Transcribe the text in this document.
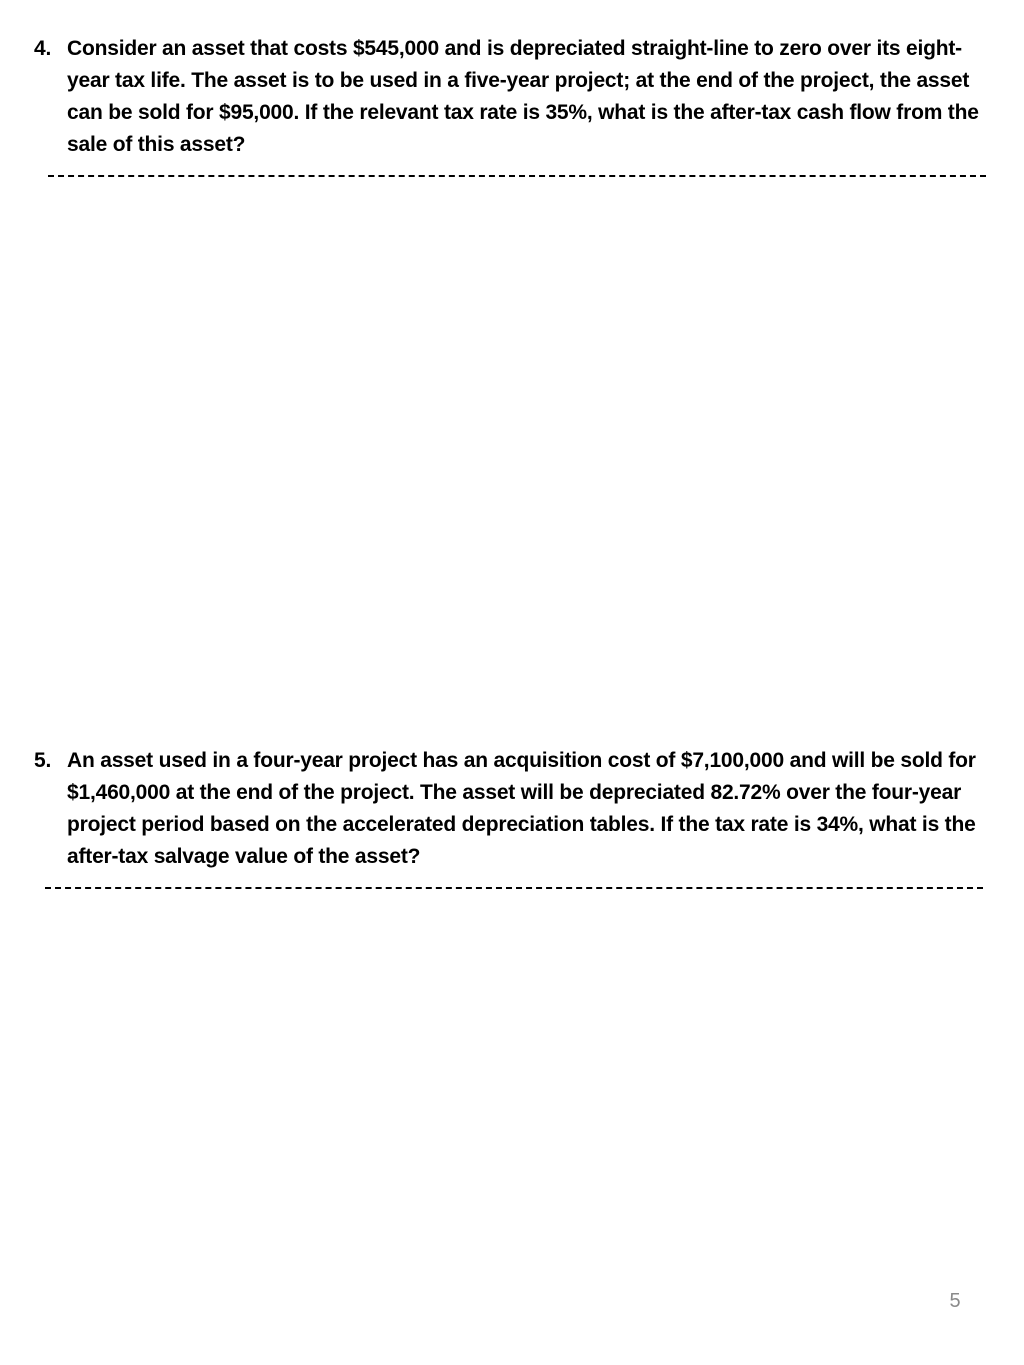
4. Consider an asset that costs $545,000 and is depreciated straight-line to zero over its eight-year tax life. The asset is to be used in a five-year project; at the end of the project, the asset can be sold for $95,000. If the relevant tax rate is 35%, what is the after-tax cash flow from the sale of this asset?
5. An asset used in a four-year project has an acquisition cost of $7,100,000 and will be sold for $1,460,000 at the end of the project. The asset will be depreciated 82.72% over the four-year project period based on the accelerated depreciation tables. If the tax rate is 34%, what is the after-tax salvage value of the asset?
5
